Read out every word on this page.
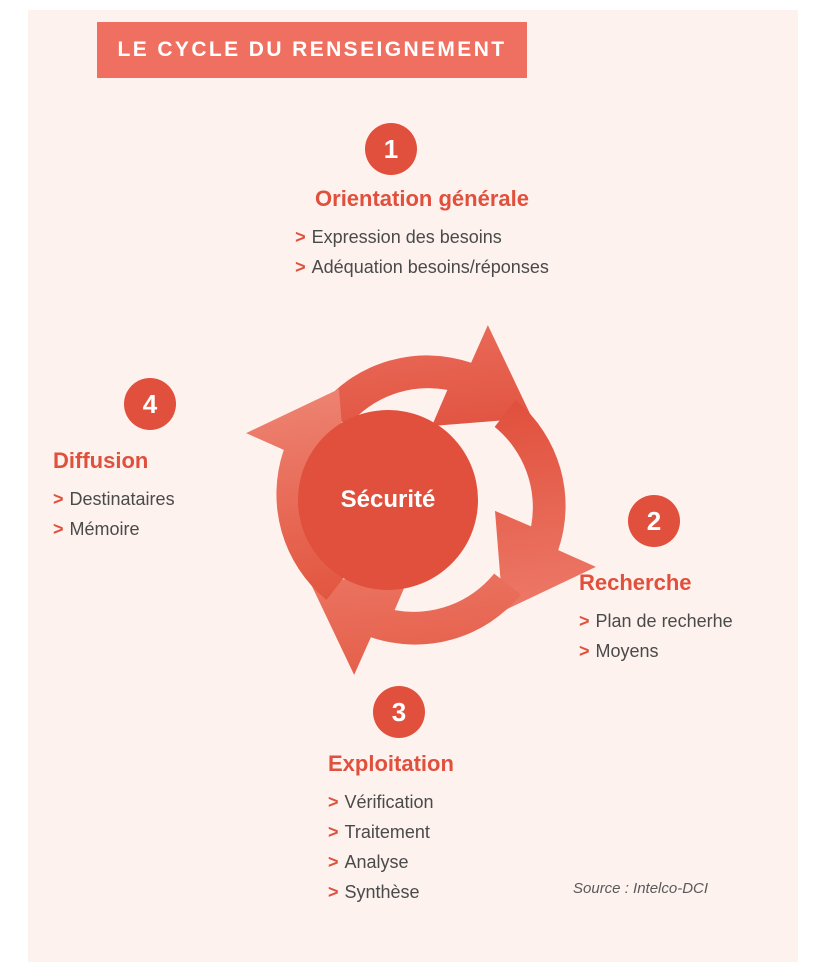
LE CYCLE DU RENSEIGNEMENT
Sécurité
1
2
3
4
Orientation générale
> Expression des besoins
> Adéquation besoins/réponses
Recherche
> Plan de recherhe
> Moyens
Exploitation
> Vérification
> Traitement
> Analyse
> Synthèse
Diffusion
> Destinataires
> Mémoire
Source : Intelco-DCI
